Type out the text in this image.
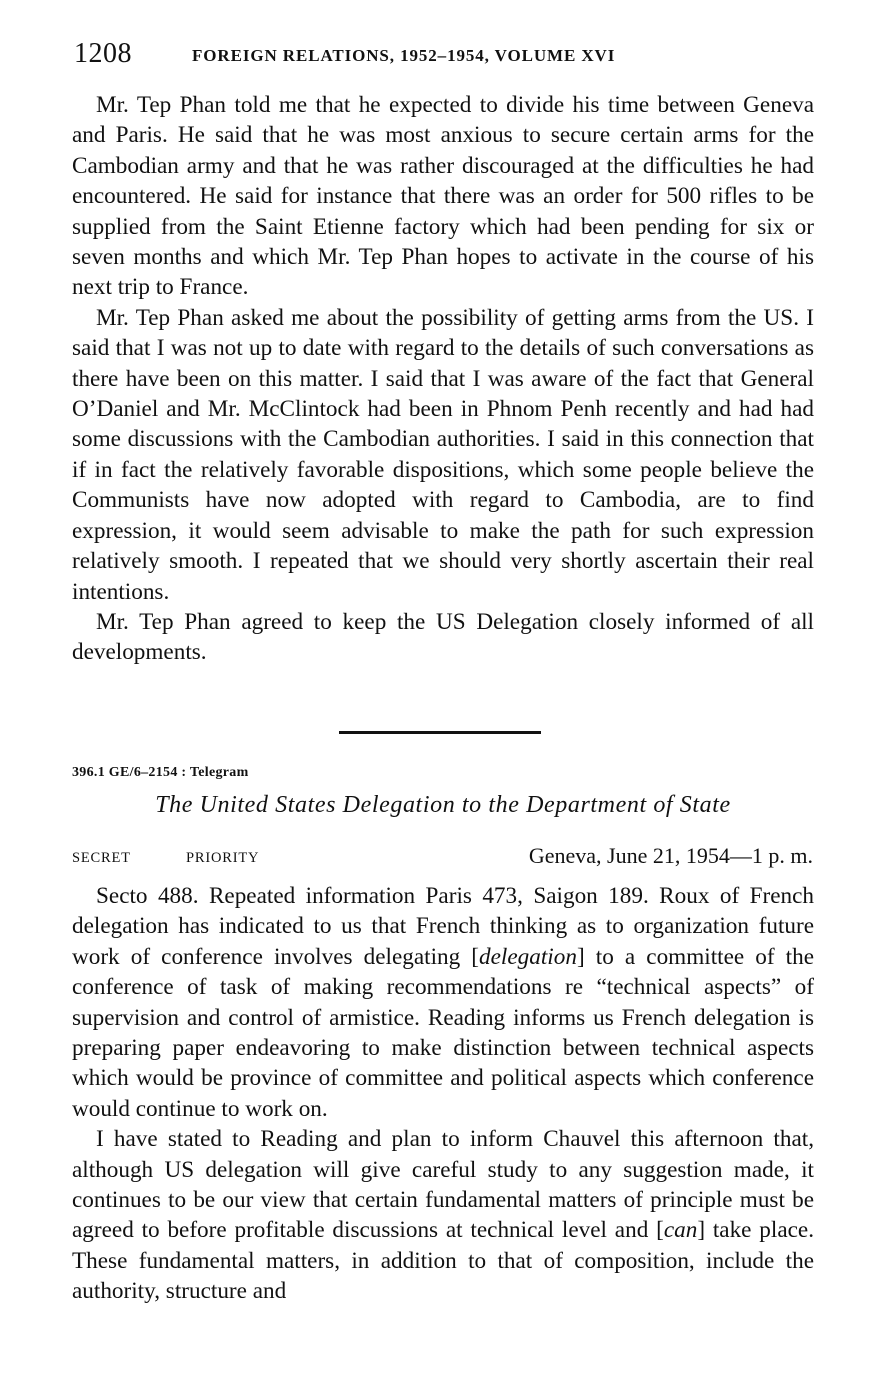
1208	FOREIGN RELATIONS, 1952–1954, VOLUME XVI

Mr. Tep Phan told me that he expected to divide his time between Geneva and Paris. He said that he was most anxious to secure certain arms for the Cambodian army and that he was rather discouraged at the difficulties he had encountered. He said for instance that there was an order for 500 rifles to be supplied from the Saint Etienne factory which had been pending for six or seven months and which Mr. Tep Phan hopes to activate in the course of his next trip to France.

Mr. Tep Phan asked me about the possibility of getting arms from the US. I said that I was not up to date with regard to the details of such conversations as there have been on this matter. I said that I was aware of the fact that General O’Daniel and Mr. McClintock had been in Phnom Penh recently and had had some discussions with the Cambodian authorities. I said in this connection that if in fact the relatively favorable dispositions, which some people believe the Communists have now adopted with regard to Cambodia, are to find expression, it would seem advisable to make the path for such expression relatively smooth. I repeated that we should very shortly ascertain their real intentions.

Mr. Tep Phan agreed to keep the US Delegation closely informed of all developments.

396.1 GE/6–2154 : Telegram
The United States Delegation to the Department of State
SECRET	PRIORITY	Geneva, June 21, 1954—1 p. m.

Secto 488. Repeated information Paris 473, Saigon 189. Roux of French delegation has indicated to us that French thinking as to organization future work of conference involves delegating [delegation] to a committee of the conference of task of making recommendations re “technical aspects” of supervision and control of armistice. Reading informs us French delegation is preparing paper endeavoring to make distinction between technical aspects which would be province of committee and political aspects which conference would continue to work on.

I have stated to Reading and plan to inform Chauvel this afternoon that, although US delegation will give careful study to any suggestion made, it continues to be our view that certain fundamental matters of principle must be agreed to before profitable discussions at technical level and [can] take place. These fundamental matters, in addition to that of composition, include the authority, structure and
